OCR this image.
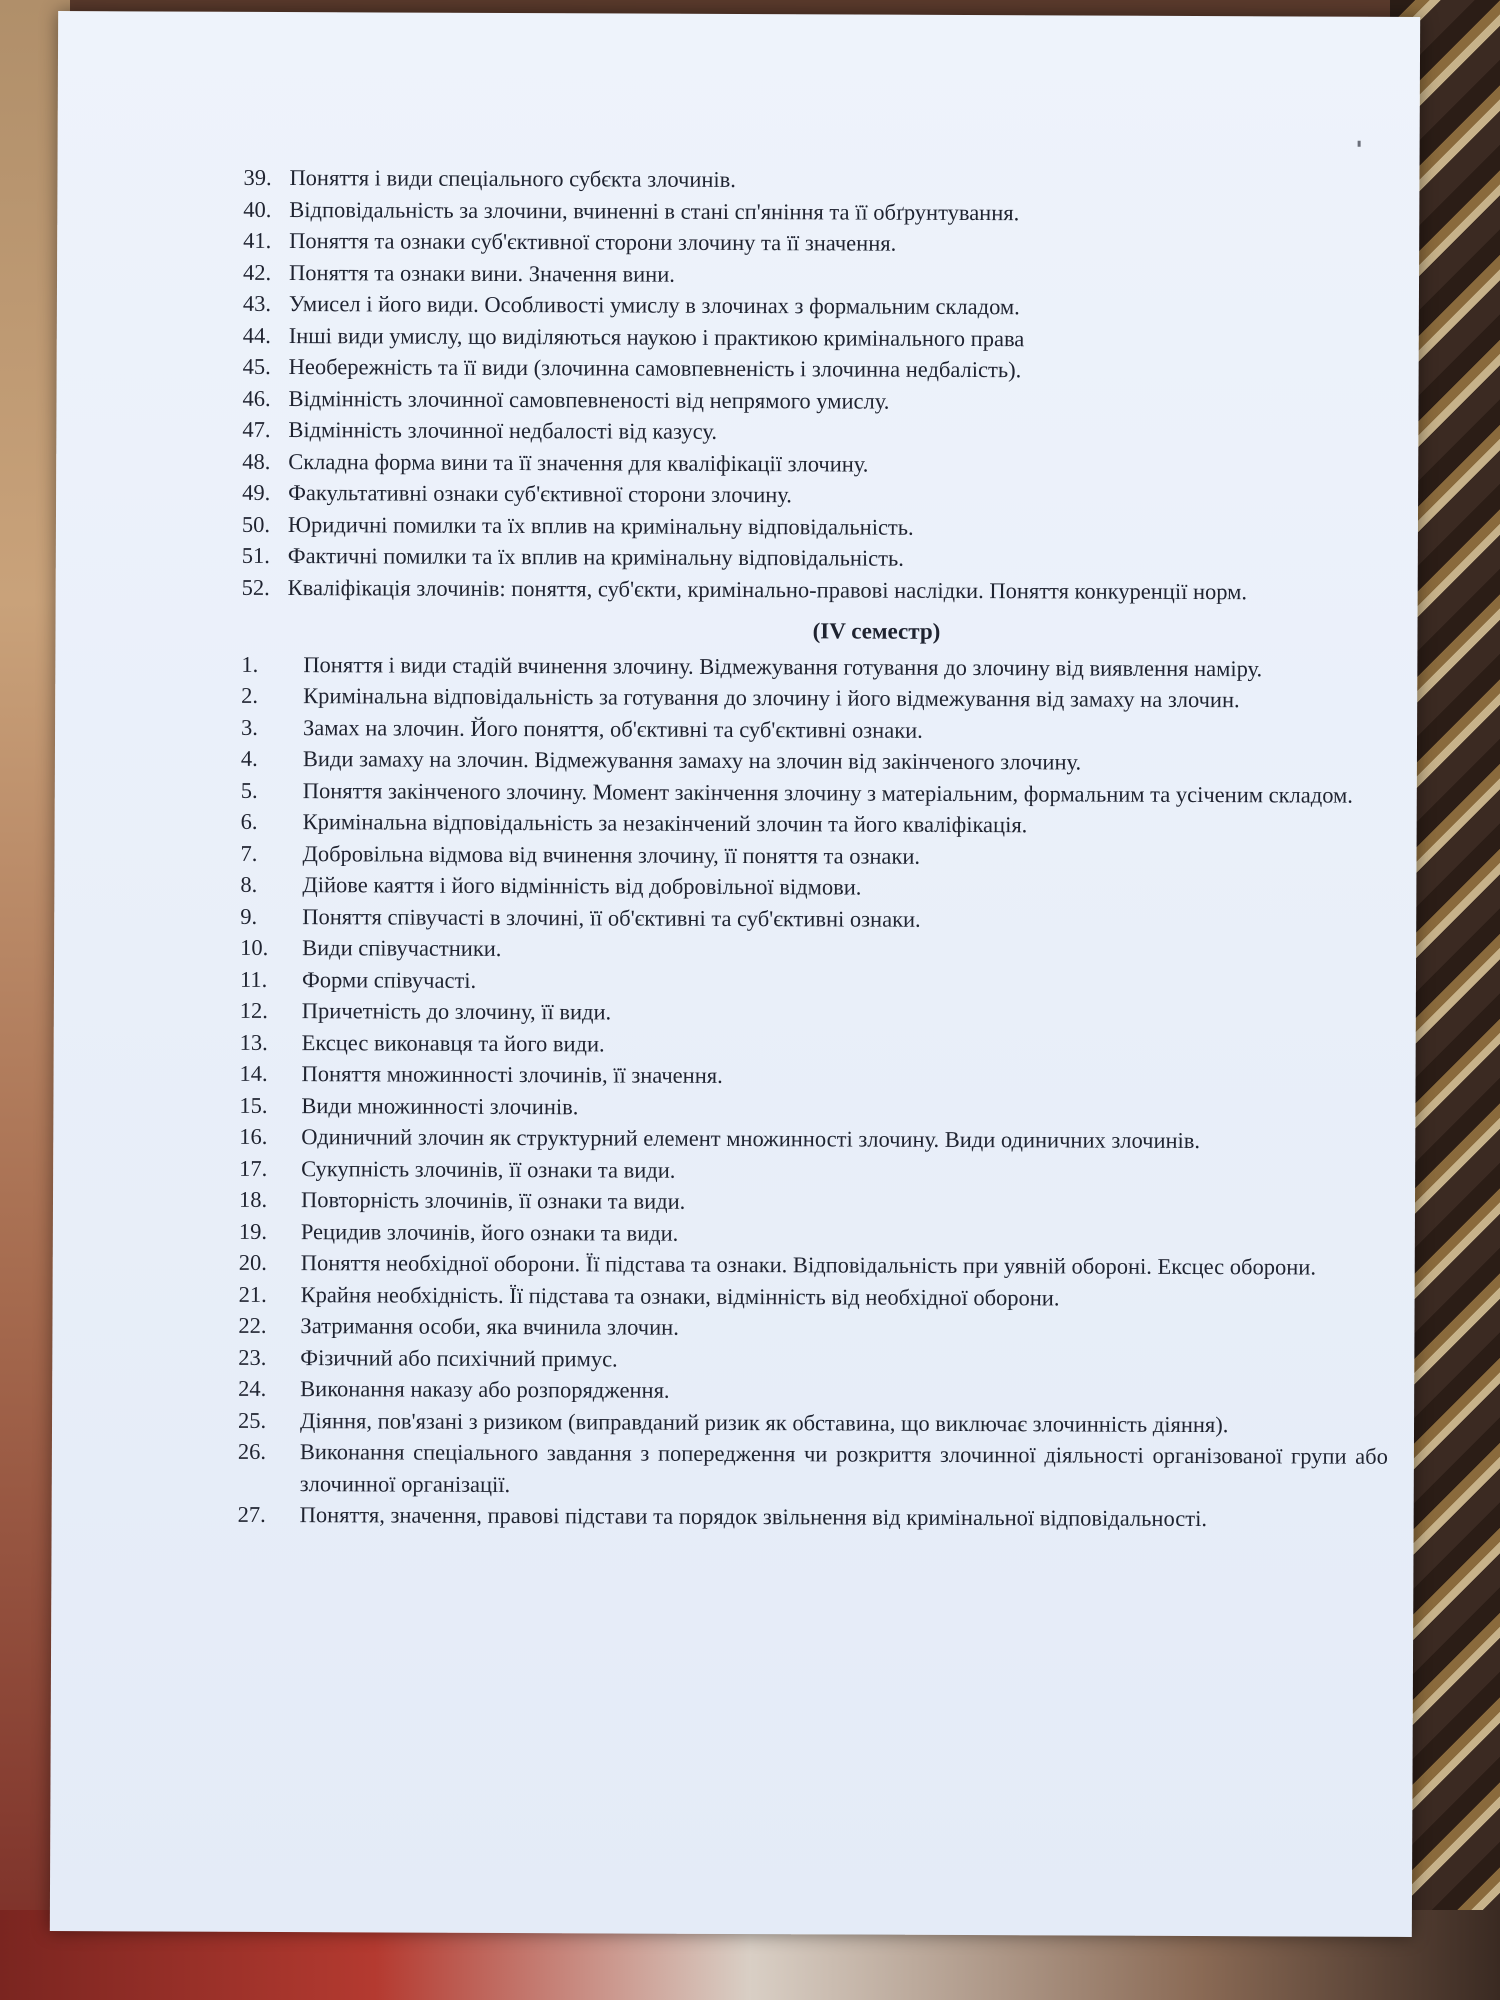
39. Поняття і види спеціального субєкта злочинів.
40. Відповідальність за злочини, вчиненні в стані сп'яніння та її обґрунтування.
41. Поняття та ознаки суб'єктивної сторони злочину та її значення.
42. Поняття та ознаки вини. Значення вини.
43. Умисел і його види. Особливості умислу в злочинах з формальним складом.
44. Інші види умислу, що виділяються наукою і практикою кримінального права
45. Необережність та її види (злочинна самовпевненість і злочинна недбалість).
46. Відмінність злочинної самовпевненості від непрямого умислу.
47. Відмінність злочинної недбалості від казусу.
48. Складна форма вини та її значення для кваліфікації злочину.
49. Факультативні ознаки суб'єктивної сторони злочину.
50. Юридичні помилки та їх вплив на кримінальну відповідальність.
51. Фактичні помилки та їх вплив на кримінальну відповідальність.
52. Кваліфікація злочинів: поняття, суб'єкти, кримінально-правові наслідки. Поняття конкуренції норм.
(IV семестр)
1.	Поняття і види стадій вчинення злочину. Відмежування готування до злочину від виявлення наміру.
2.	Кримінальна відповідальність за готування до злочину і його відмежування від замаху на злочин.
3.	Замах на злочин. Його поняття, об'єктивні та суб'єктивні ознаки.
4.	Види замаху на злочин. Відмежування замаху на злочин від закінченого злочину.
5.	Поняття закінченого злочину. Момент закінчення злочину з матеріальним, формальним та усіченим складом.
6.	Кримінальна відповідальність за незакінчений злочин та його кваліфікація.
7.	Добровільна відмова від вчинення злочину, її поняття та ознаки.
8.	Дійове каяття і його відмінність від добровільної відмови.
9.	Поняття співучасті в злочині, її об'єктивні та суб'єктивні ознаки.
10.	Види співучастники.
11.	Форми співучасті.
12.	Причетність до злочину, її види.
13.	Ексцес виконавця та його види.
14.	Поняття множинності злочинів, її значення.
15.	Види множинності злочинів.
16.	Одиничний злочин як структурний елемент множинності злочину. Види одиничних злочинів.
17.	Сукупність злочинів, її ознаки та види.
18.	Повторність злочинів, її ознаки та види.
19.	Рецидив злочинів, його ознаки та види.
20.	Поняття необхідної оборони. Її підстава та ознаки. Відповідальність при уявній обороні. Ексцес оборони.
21.	Крайня необхідність. Її підстава та ознаки, відмінність від необхідної оборони.
22.	Затримання особи, яка вчинила злочин.
23.	Фізичний або психічний примус.
24.	Виконання наказу або розпорядження.
25.	Діяння, пов'язані з ризиком (виправданий ризик як обставина, що виключає злочинність діяння).
26.	Виконання спеціального завдання з попередження чи розкриття злочинної діяльності організованої групи або злочинної організації.
27.	Поняття, значення, правові підстави та порядок звільнення від кримінальної відповідальності.
